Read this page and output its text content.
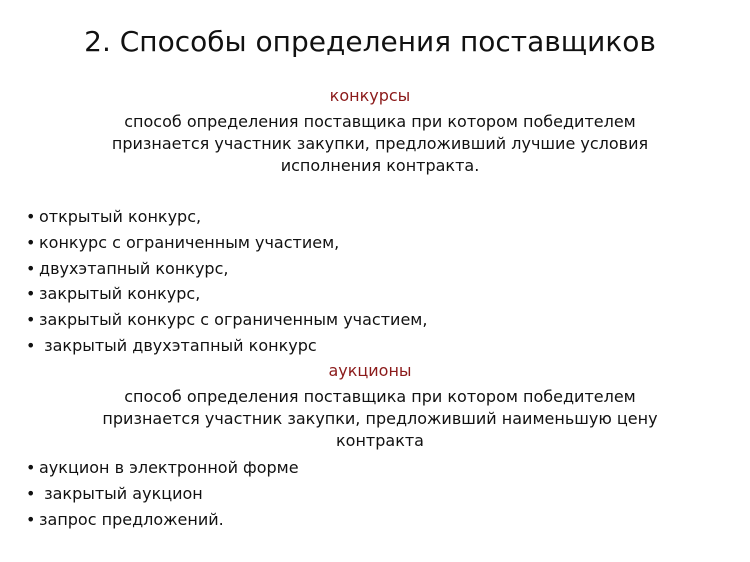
2. Способы определения поставщиков
конкурсы
способ определения поставщика при котором победителем
признается участник закупки, предложивший лучшие условия
исполнения контракта.
• открытый конкурс,
• конкурс с ограниченным участием,
• двухэтапный конкурс,
• закрытый конкурс,
• закрытый конкурс с ограниченным участием,
•  закрытый двухэтапный конкурс
аукционы
способ определения поставщика при котором победителем
признается участник закупки, предложивший наименьшую цену
контракта
• аукцион в электронной форме
•  закрытый аукцион
• запрос предложений.
